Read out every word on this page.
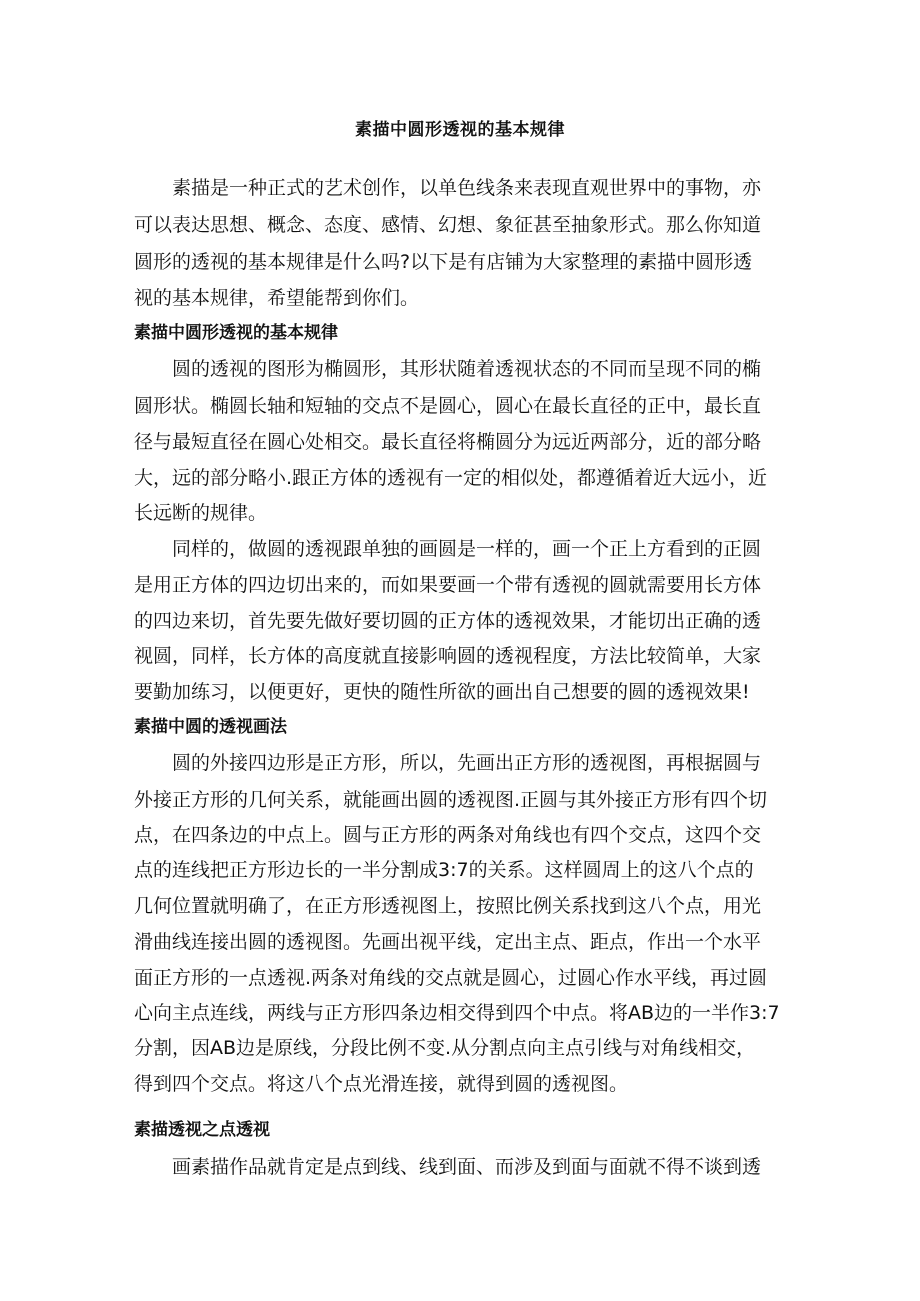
素描中圆形透视的基本规律
素描是一种正式的艺术创作，以单色线条来表现直观世界中的事物，亦
可以表达思想、概念、态度、感情、幻想、象征甚至抽象形式。那么你知道
圆形的透视的基本规律是什么吗?以下是有店铺为大家整理的素描中圆形透
视的基本规律，希望能帮到你们。
素描中圆形透视的基本规律
圆的透视的图形为椭圆形，其形状随着透视状态的不同而呈现不同的椭
圆形状。椭圆长轴和短轴的交点不是圆心，圆心在最长直径的正中，最长直
径与最短直径在圆心处相交。最长直径将椭圆分为远近两部分，近的部分略
大，远的部分略小.跟正方体的透视有一定的相似处，都遵循着近大远小，近
长远断的规律。
同样的，做圆的透视跟单独的画圆是一样的，画一个正上方看到的正圆
是用正方体的四边切出来的，而如果要画一个带有透视的圆就需要用长方体
的四边来切，首先要先做好要切圆的正方体的透视效果，才能切出正确的透
视圆，同样，长方体的高度就直接影响圆的透视程度，方法比较简单，大家
要勤加练习，以便更好，更快的随性所欲的画出自己想要的圆的透视效果!
素描中圆的透视画法
圆的外接四边形是正方形，所以，先画出正方形的透视图，再根据圆与
外接正方形的几何关系，就能画出圆的透视图.正圆与其外接正方形有四个切
点，在四条边的中点上。圆与正方形的两条对角线也有四个交点，这四个交
点的连线把正方形边长的一半分割成3:7的关系。这样圆周上的这八个点的
几何位置就明确了，在正方形透视图上，按照比例关系找到这八个点，用光
滑曲线连接出圆的透视图。先画出视平线，定出主点、距点，作出一个水平
面正方形的一点透视.两条对角线的交点就是圆心，过圆心作水平线，再过圆
心向主点连线，两线与正方形四条边相交得到四个中点。将AB边的一半作3:7
分割，因AB边是原线，分段比例不变.从分割点向主点引线与对角线相交，
得到四个交点。将这八个点光滑连接，就得到圆的透视图。
素描透视之点透视
画素描作品就肯定是点到线、线到面、而涉及到面与面就不得不谈到透
